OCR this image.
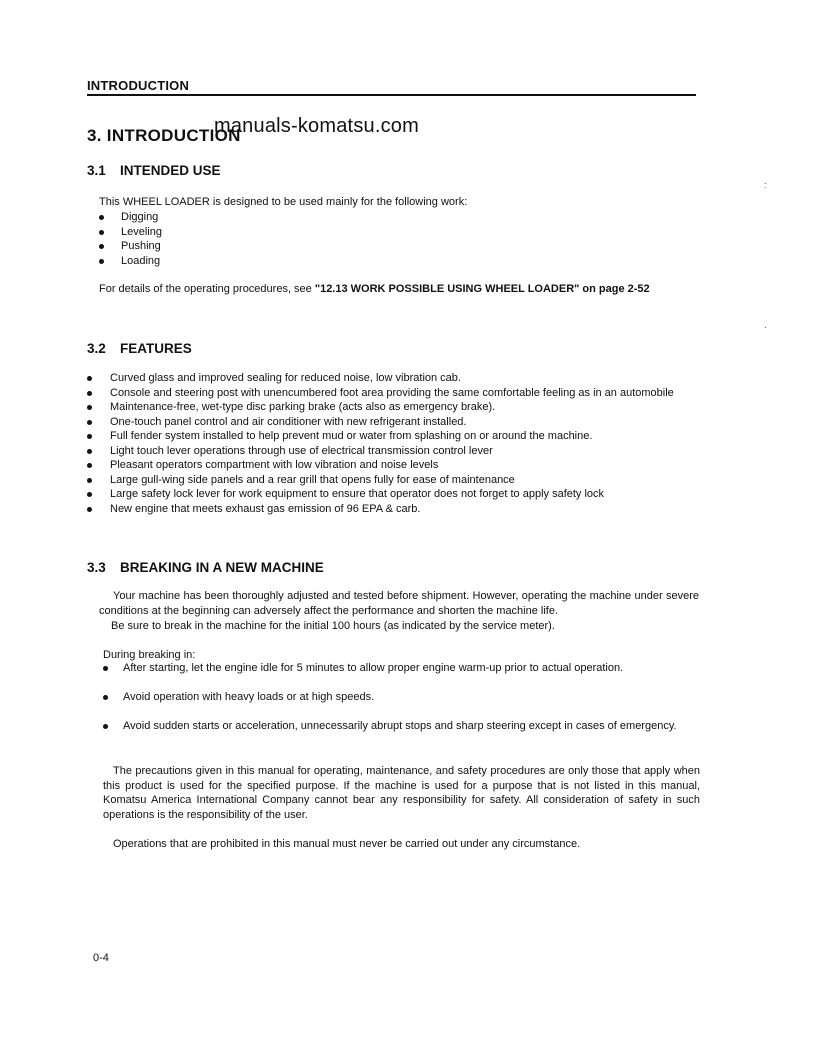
INTRODUCTION
3. INTRODUCTION
manuals-komatsu.com
3.1 INTENDED USE
This WHEEL LOADER is designed to be used mainly for the following work:
Digging
Leveling
Pushing
Loading
For details of the operating procedures, see "12.13 WORK POSSIBLE USING WHEEL LOADER" on page 2-52
:
·
3.2 FEATURES
Curved glass and improved sealing for reduced noise, low vibration cab.
Console and steering post with unencumbered foot area providing the same comfortable feeling as in an automobile
Maintenance-free, wet-type disc parking brake (acts also as emergency brake).
One-touch panel control and air conditioner with new refrigerant installed.
Full fender system installed to help prevent mud or water from splashing on or around the machine.
Light touch lever operations through use of electrical transmission control lever
Pleasant operators compartment with low vibration and noise levels
Large gull-wing side panels and a rear grill that opens fully for ease of maintenance
Large safety lock lever for work equipment to ensure that operator does not forget to apply safety lock
New engine that meets exhaust gas emission of 96 EPA & carb.
3.3 BREAKING IN A NEW MACHINE
Your machine has been thoroughly adjusted and tested before shipment. However, operating the machine under severe conditions at the beginning can adversely affect the performance and shorten the machine life.
Be sure to break in the machine for the initial 100 hours (as indicated by the service meter).
During breaking in:
After starting, let the engine idle for 5 minutes to allow proper engine warm-up prior to actual operation.
Avoid operation with heavy loads or at high speeds.
Avoid sudden starts or acceleration, unnecessarily abrupt stops and sharp steering except in cases of emergency.
The precautions given in this manual for operating, maintenance, and safety procedures are only those that apply when this product is used for the specified purpose. If the machine is used for a purpose that is not listed in this manual, Komatsu America International Company cannot bear any responsibility for safety. All consideration of safety in such operations is the responsibility of the user.
Operations that are prohibited in this manual must never be carried out under any circumstance.
0-4
